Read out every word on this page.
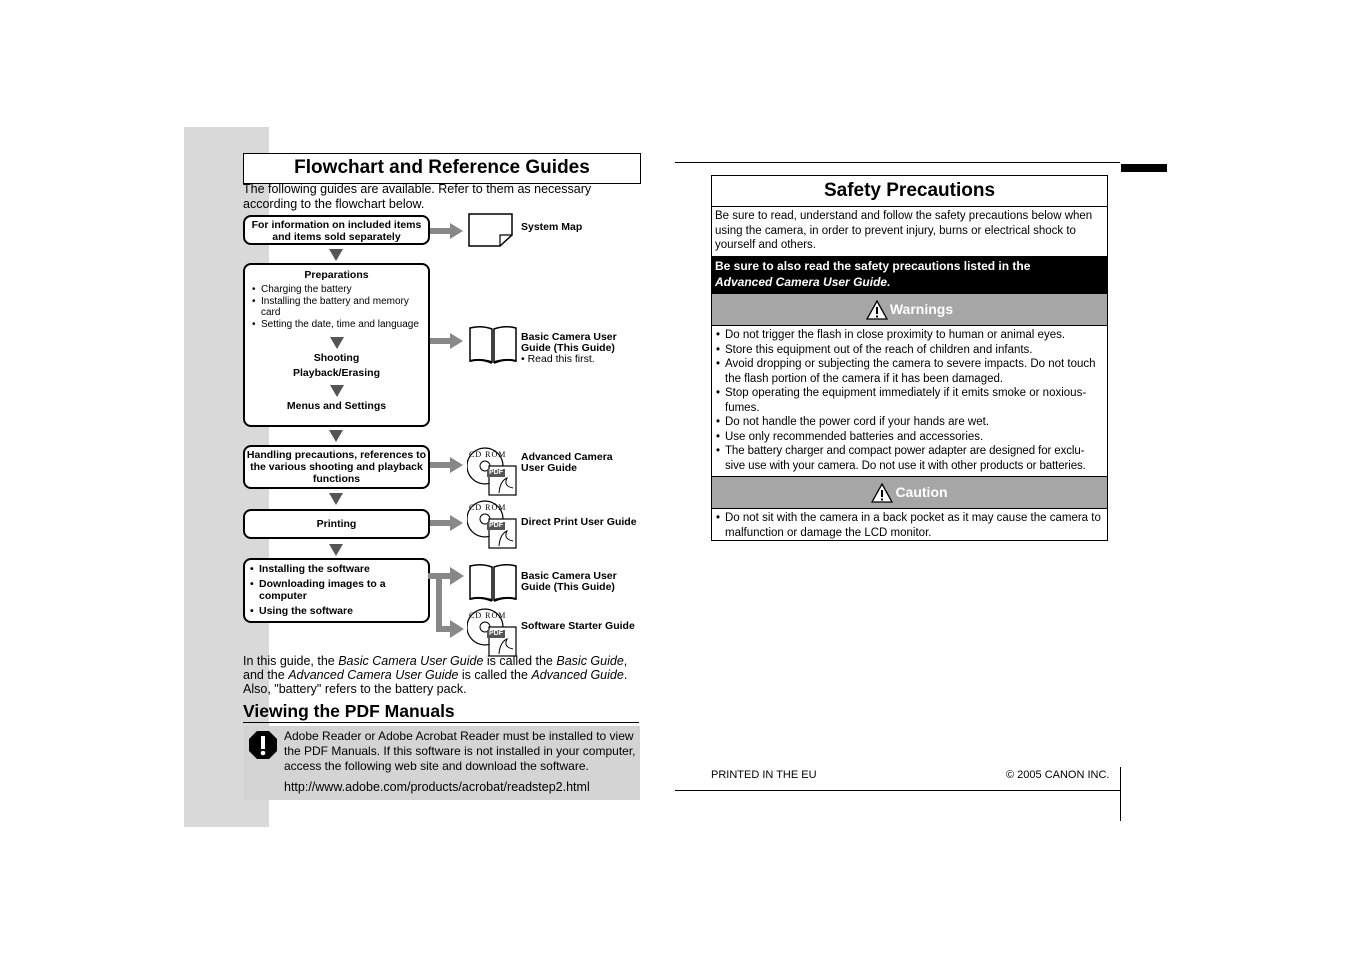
Flowchart and Reference Guides
The following guides are available. Refer to them as necessary according to the flowchart below.
For information on included items and items sold separately
Preparations
• Charging the battery
• Installing the battery and memory card
• Setting the date, time and language
Shooting
Playback/Erasing
Menus and Settings
Handling precautions, references to the various shooting and playback functions
Printing
• Installing the software
• Downloading images to a computer
• Using the software
System Map
Basic Camera User Guide (This Guide)
• Read this first.
CD ROM
PDF
Advanced Camera User Guide
CD ROM
PDF Direct Print User Guide
Basic Camera User Guide (This Guide)
CD ROM
PDF
Software Starter Guide
In this guide, the Basic Camera User Guide is called the Basic Guide, and the Advanced Camera User Guide is called the Advanced Guide. Also, "battery" refers to the battery pack.
Viewing the PDF Manuals
Adobe Reader or Adobe Acrobat Reader must be installed to view the PDF Manuals. If this software is not installed in your computer, access the following web site and download the software.
http://www.adobe.com/products/acrobat/readstep2.html
Safety Precautions
Be sure to read, understand and follow the safety precautions below when using the camera, in order to prevent injury, burns or electrical shock to yourself and others.
Be sure to also read the safety precautions listed in the
Advanced Camera User Guide.
Warnings
• Do not trigger the flash in close proximity to human or animal eyes.
• Store this equipment out of the reach of children and infants.
• Avoid dropping or subjecting the camera to severe impacts. Do not touch the flash portion of the camera if it has been damaged.
• Stop operating the equipment immediately if it emits smoke or noxious-fumes.
• Do not handle the power cord if your hands are wet.
• Use only recommended batteries and accessories.
• The battery charger and compact power adapter are designed for exclu-sive use with your camera. Do not use it with other products or batteries.
Caution
• Do not sit with the camera in a back pocket as it may cause the camera to malfunction or damage the LCD monitor.
PRINTED IN THE EU	© 2005 CANON INC.
